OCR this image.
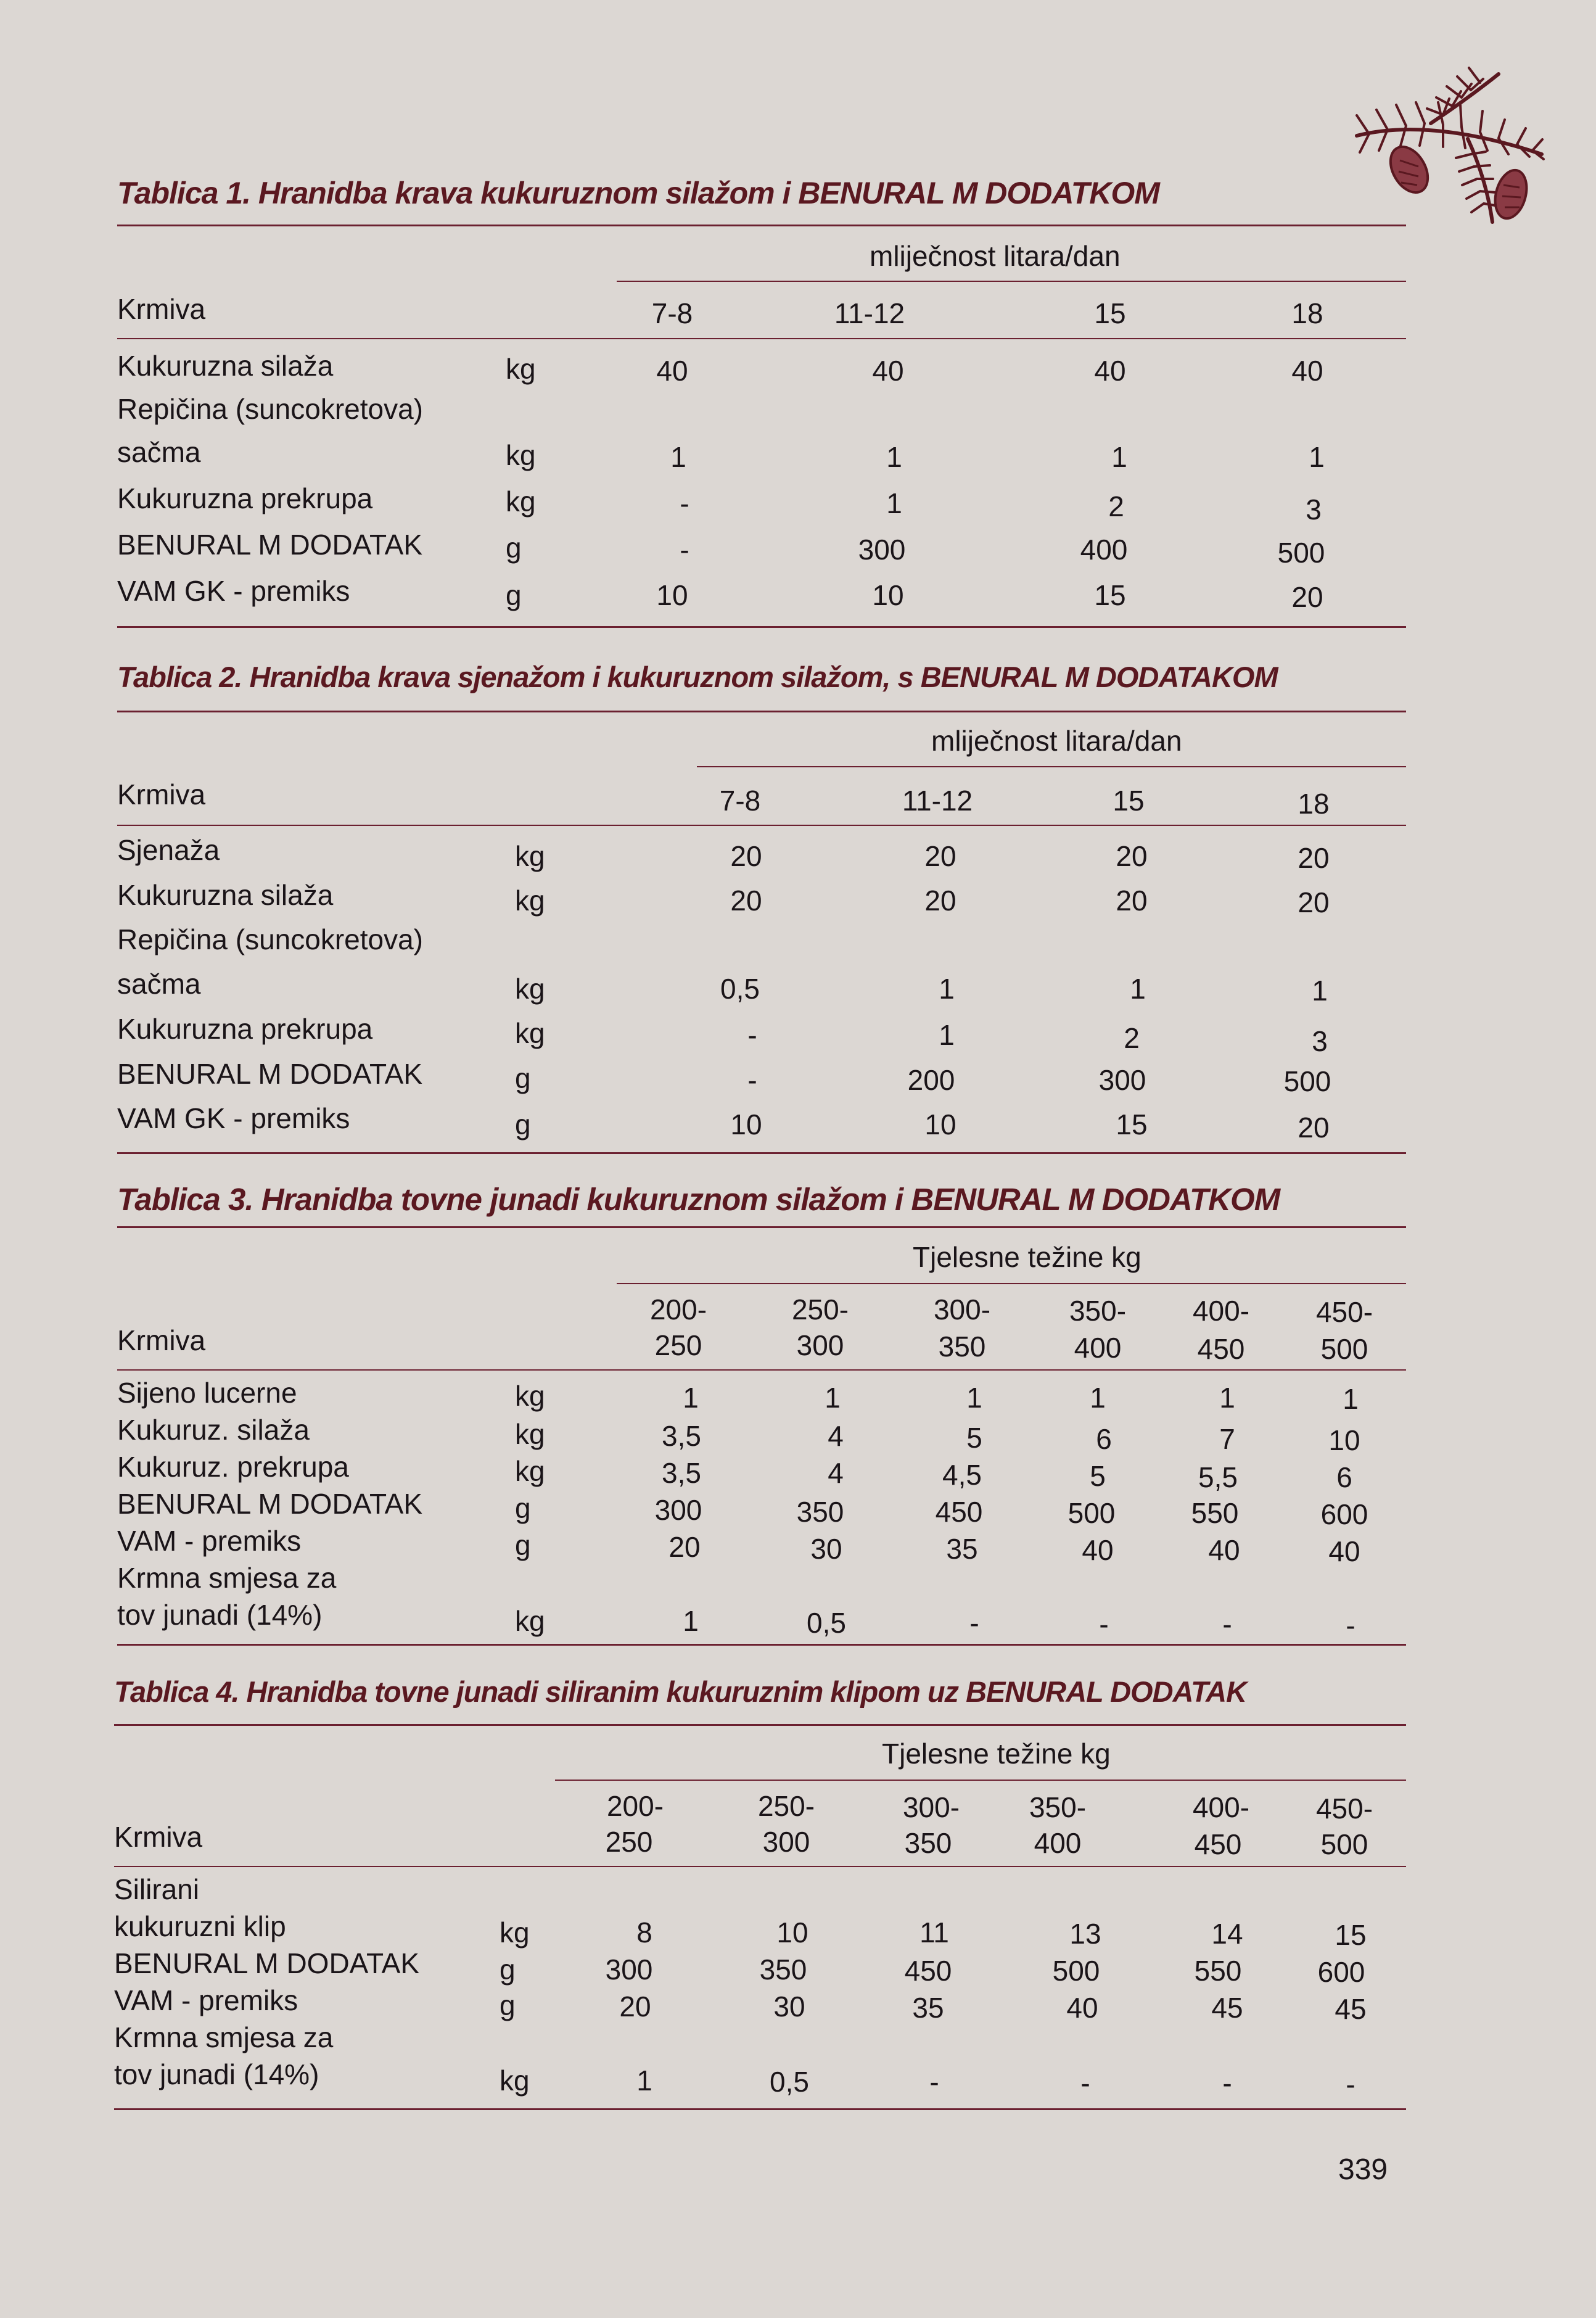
Tablica 1. Hranidba krava kukuruznom silažom i BENURAL M DODATKOM
mliječnost litara/dan
Krmiva	7-8	11-12	15	18
Kukuruzna silaža	kg	40	40	40	40
Repičina (suncokretova)
sačma	kg	1	1	1	1
Kukuruzna prekrupa	kg	-	1	2	3
BENURAL M DODATAK	g	-	300	400	500
VAM GK - premiks	g	10	10	15	20
Tablica 2. Hranidba krava sjenažom i kukuruznom silažom, s BENURAL M DODATAKOM
mliječnost litara/dan
Krmiva	7-8	11-12	15	18
Sjenaža	kg	20	20	20	20
Kukuruzna silaža	kg	20	20	20	20
Repičina (suncokretova)
sačma	kg	0,5	1	1	1
Kukuruzna prekrupa	kg	-	1	2	3
BENURAL M DODATAK	g	-	200	300	500
VAM GK - premiks	g	10	10	15	20
Tablica 3. Hranidba tovne junadi kukuruznom silažom i BENURAL M DODATKOM
Tjelesne težine kg
Krmiva
200-	250-	300-	350-	400-	450-
250	300	350	400	450	500
Sijeno lucerne	kg	1	1	1	1	1	1
Kukuruz. silaža	kg	3,5	4	5	6	7	10
Kukuruz. prekrupa	kg	3,5	4	4,5	5	5,5	6
BENURAL M DODATAK	g	300	350	450	500	550	600
VAM - premiks	g	20	30	35	40	40	40
Krmna smjesa za
tov junadi (14%)	kg	1	0,5	-	-	-	-
Tablica 4. Hranidba tovne junadi siliranim kukuruznim klipom uz BENURAL DODATAK
Tjelesne težine kg
Krmiva
200-	250-	300-	350-	400-	450-
250	300	350	400	450	500
Silirani
kukuruzni klip	kg	8	10	11	13	14	15
BENURAL M DODATAK	g	300	350	450	500	550	600
VAM - premiks	g	20	30	35	40	45	45
Krmna smjesa za
tov junadi (14%)	kg	1	0,5	-	-	-	-
339
